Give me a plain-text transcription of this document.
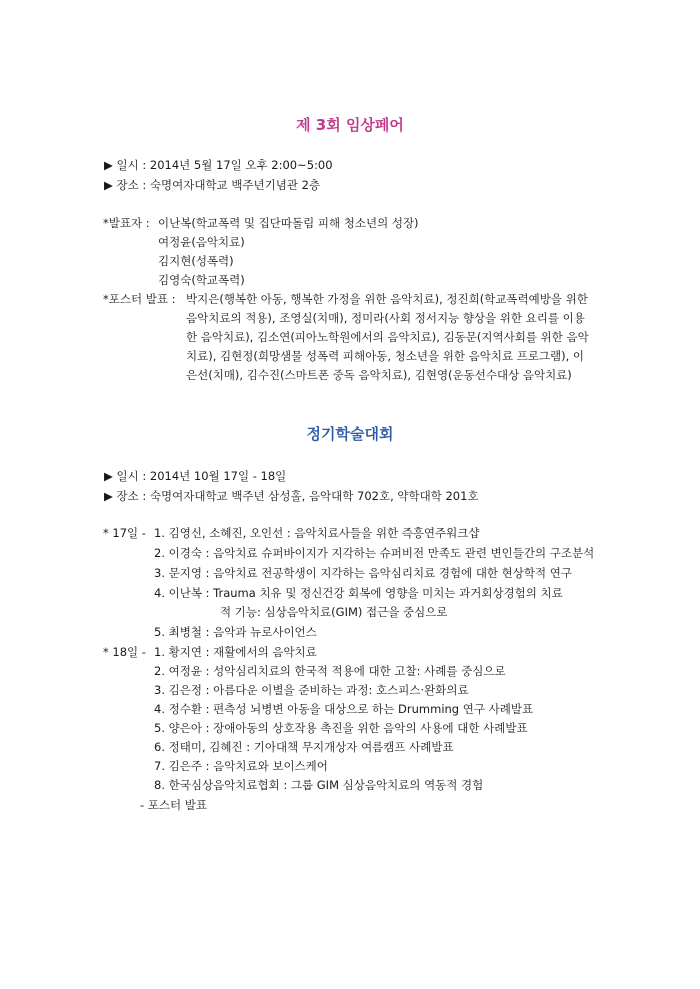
제 3회 임상페어
▶ 일시 : 2014년 5월 17일 오후 2:00~5:00
▶ 장소 : 숙명여자대학교 백주년기념관 2층
*발표자 : 이난복(학교폭력 및 집단따돌림 피해 청소년의 성장)
여정윤(음악치료)
김지현(성폭력)
김영숙(학교폭력)
*포스터 발표 : 박지은(행복한 아동, 행복한 가정을 위한 음악치료), 정진희(학교폭력예방을 위한
음악치료의 적용), 조영실(치매), 정미라(사회 정서지능 향상을 위한 요리를 이용
한 음악치료), 김소연(피아노학원에서의 음악치료), 김동문(지역사회를 위한 음악
치료), 김현정(희망샘물 성폭력 피해아동, 청소년을 위한 음악치료 프로그램), 이
은선(치매), 김수진(스마트폰 중독 음악치료), 김현영(운동선수대상 음악치료)
정기학술대회
▶ 일시 : 2014년 10월 17일 - 18일
▶ 장소 : 숙명여자대학교 백주년 삼성홀, 음악대학 702호, 약학대학 201호
* 17일 - 1. 김영신, 소혜진, 오인선 : 음악치료사들을 위한 즉흥연주워크샵
2. 이경숙 : 음악치료 슈퍼바이지가 지각하는 슈퍼비전 만족도 관련 변인들간의 구조분석
3. 문지영 : 음악치료 전공학생이 지각하는 음악심리치료 경험에 대한 현상학적 연구
4. 이난복 : Trauma 치유 및 정신건강 회복에 영향을 미치는 과거회상경험의 치료
적 기능: 심상음악치료(GIM) 접근을 중심으로
5. 최병철 : 음악과 뉴로사이언스
* 18일 - 1. 황지연 : 재활에서의 음악치료
2. 여정윤 : 성악심리치료의 한국적 적용에 대한 고찰: 사례를 중심으로
3. 김은정 : 아름다운 이별을 준비하는 과정: 호스피스·완화의료
4. 정수환 : 편측성 뇌병변 아동을 대상으로 하는 Drumming 연구 사례발표
5. 양은아 : 장애아동의 상호작용 촉진을 위한 음악의 사용에 대한 사례발표
6. 정태미, 김혜진 : 기아대책 무지개상자 여름캠프 사례발표
7. 김은주 : 음악치료와 보이스케어
8. 한국심상음악치료협회 : 그룹 GIM 심상음악치료의 역동적 경험
- 포스터 발표
